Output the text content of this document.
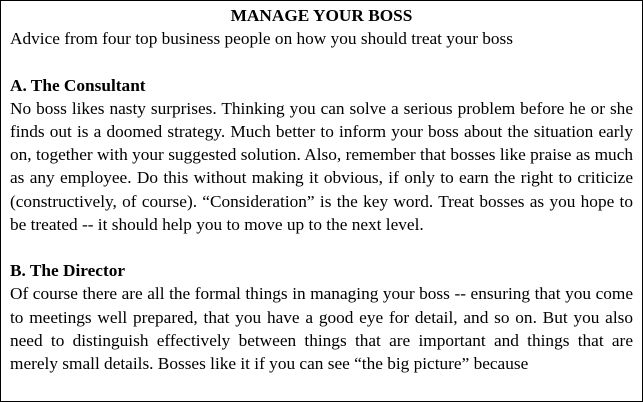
MANAGE YOUR BOSS

Advice from four top business people on how you should treat your boss

A. The Consultant

No boss likes nasty surprises. Thinking you can solve a serious problem before he or she finds out is a doomed strategy. Much better to inform your boss about the situation early on, together with your suggested solution. Also, remember that bosses like praise as much as any employee. Do this without making it obvious, if only to earn the right to criticize (constructively, of course). “Consideration” is the key word. Treat bosses as you hope to be treated -- it should help you to move up to the next level.

B. The Director

Of course there are all the formal things in managing your boss -- ensuring that you come to meetings well prepared, that you have a good eye for detail, and so on. But you also need to distinguish effectively between things that are important and things that are merely small details. Bosses like it if you can see “the big picture” because
